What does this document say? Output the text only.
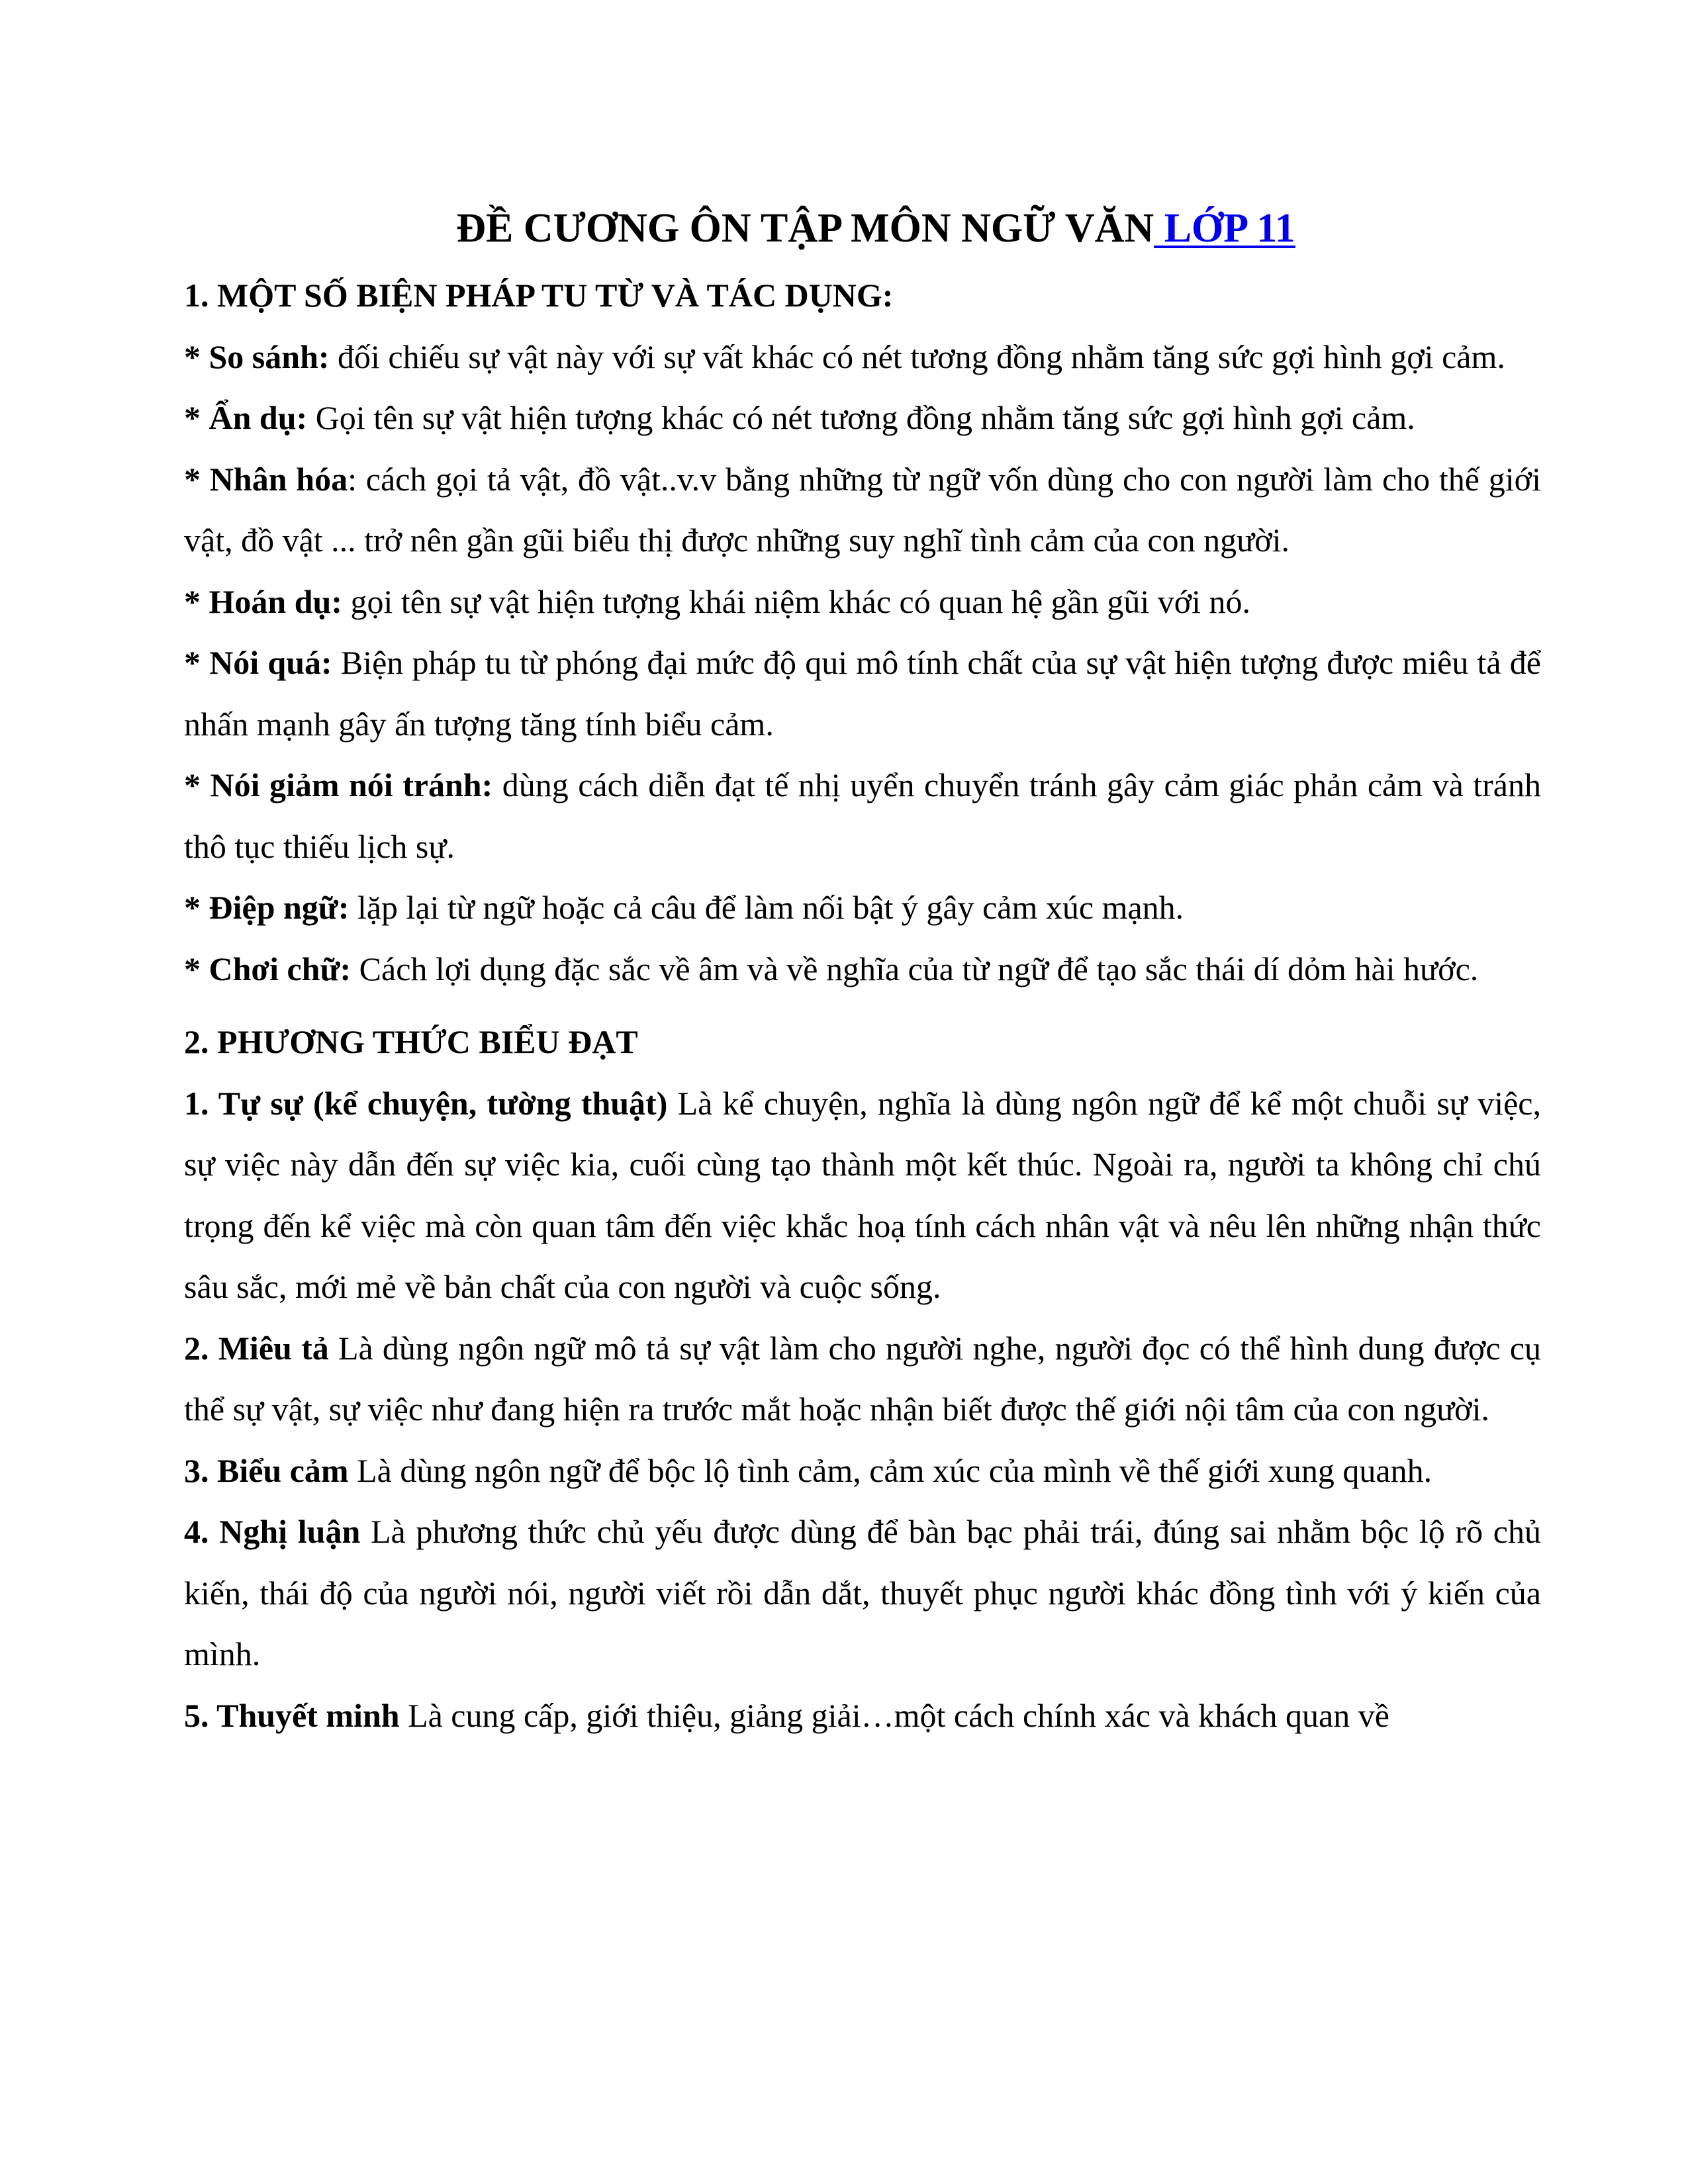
ĐỀ CƯƠNG ÔN TẬP MÔN NGỮ VĂN LỚP 11

1. MỘT SỐ BIỆN PHÁP TU TỪ VÀ TÁC DỤNG:

* So sánh: đối chiếu sự vật này với sự vất khác có nét tương đồng nhằm tăng sức gợi hình gợi cảm.

* Ẩn dụ: Gọi tên sự vật hiện tượng khác có nét tương đồng nhằm tăng sức gợi hình gợi cảm.

* Nhân hóa: cách gọi tả vật, đồ vật..v.v bằng những từ ngữ vốn dùng cho con người làm cho thế giới vật, đồ vật ... trở nên gần gũi biểu thị được những suy nghĩ tình cảm của con người.

* Hoán dụ: gọi tên sự vật hiện tượng khái niệm khác có quan hệ gần gũi với nó.

* Nói quá: Biện pháp tu từ phóng đại mức độ qui mô tính chất của sự vật hiện tượng được miêu tả để nhấn mạnh gây ấn tượng tăng tính biểu cảm.

* Nói giảm nói tránh: dùng cách diễn đạt tế nhị uyển chuyển tránh gây cảm giác phản cảm và tránh thô tục thiếu lịch sự.

* Điệp ngữ: lặp lại từ ngữ hoặc cả câu để làm nối bật ý gây cảm xúc mạnh.

* Chơi chữ: Cách lợi dụng đặc sắc về âm và về nghĩa của từ ngữ để tạo sắc thái dí dỏm hài hước.

2. PHƯƠNG THỨC BIỂU ĐẠT

1. Tự sự (kể chuyện, tường thuật) Là kể chuyện, nghĩa là dùng ngôn ngữ để kể một chuỗi sự việc, sự việc này dẫn đến sự việc kia, cuối cùng tạo thành một kết thúc. Ngoài ra, người ta không chỉ chú trọng đến kể việc mà còn quan tâm đến việc khắc hoạ tính cách nhân vật và nêu lên những nhận thức sâu sắc, mới mẻ về bản chất của con người và cuộc sống.

2. Miêu tả Là dùng ngôn ngữ mô tả sự vật làm cho người nghe, người đọc có thể hình dung được cụ thể sự vật, sự việc như đang hiện ra trước mắt hoặc nhận biết được thế giới nội tâm của con người.

3. Biểu cảm Là dùng ngôn ngữ để bộc lộ tình cảm, cảm xúc của mình về thế giới xung quanh.

4. Nghị luận Là phương thức chủ yếu được dùng để bàn bạc phải trái, đúng sai nhằm bộc lộ rõ chủ kiến, thái độ của người nói, người viết rồi dẫn dắt, thuyết phục người khác đồng tình với ý kiến của mình.

5. Thuyết minh Là cung cấp, giới thiệu, giảng giải…một cách chính xác và khách quan về
